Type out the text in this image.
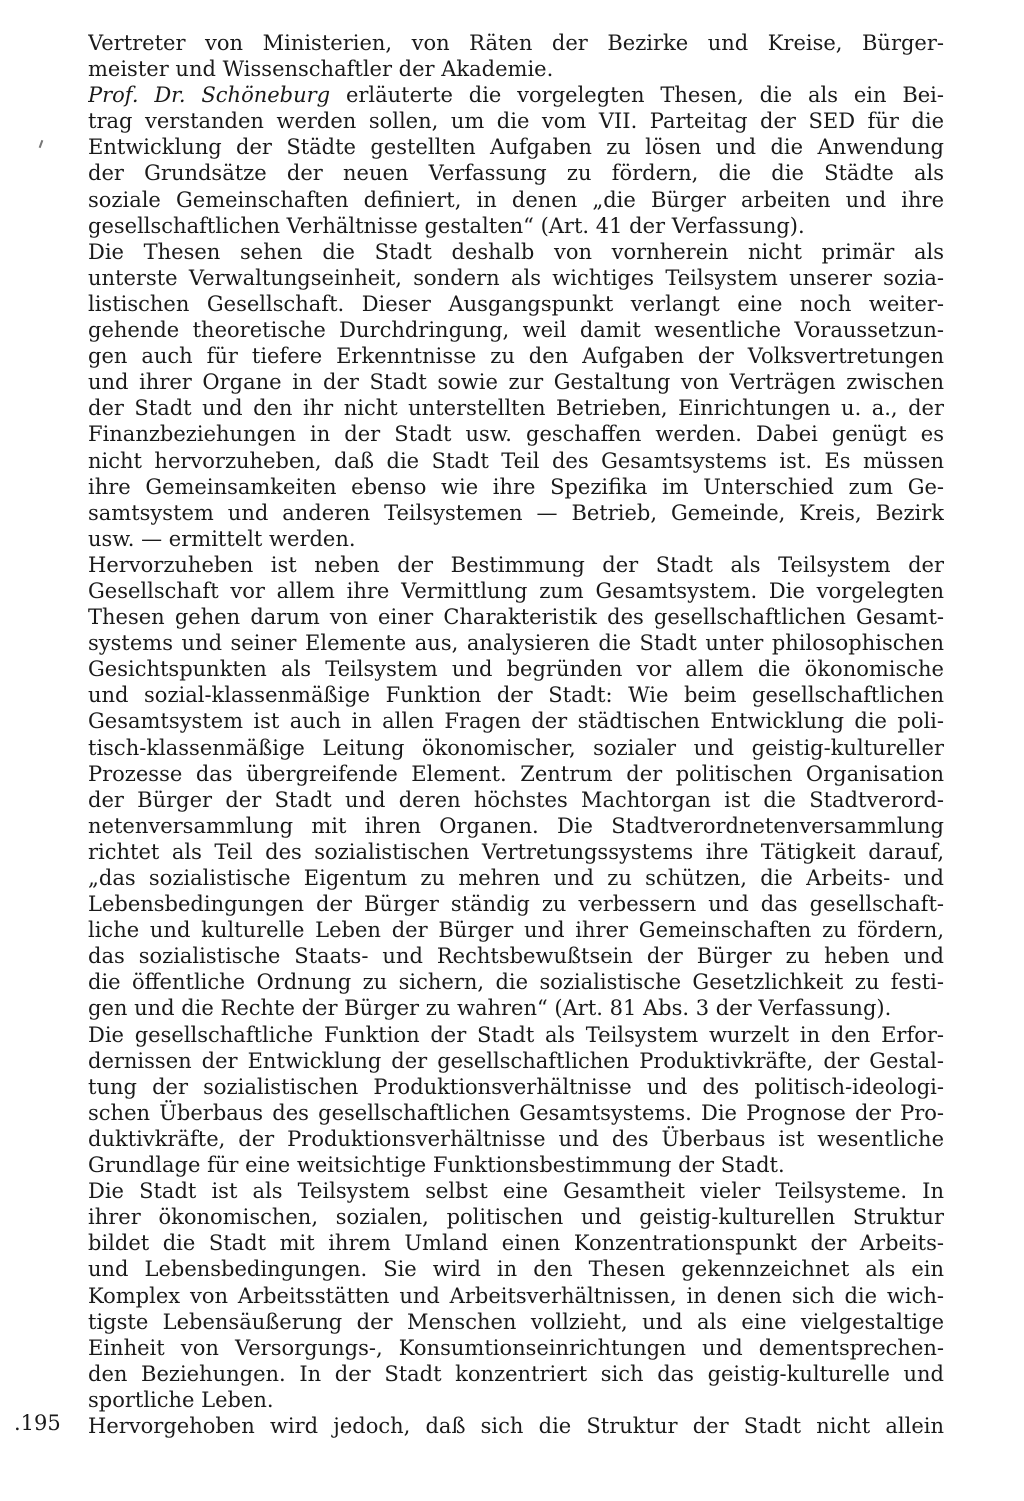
Vertreter von Ministerien, von Räten der Bezirke und Kreise, Bürger-
meister und Wissenschaftler der Akademie.
Prof. Dr. Schöneburg erläuterte die vorgelegten Thesen, die als ein Bei-
trag verstanden werden sollen, um die vom VII. Parteitag der SED für die
Entwicklung der Städte gestellten Aufgaben zu lösen und die Anwendung
der Grundsätze der neuen Verfassung zu fördern, die die Städte als
soziale Gemeinschaften definiert, in denen „die Bürger arbeiten und ihre
gesellschaftlichen Verhältnisse gestalten“ (Art. 41 der Verfassung).
Die Thesen sehen die Stadt deshalb von vornherein nicht primär als
unterste Verwaltungseinheit, sondern als wichtiges Teilsystem unserer sozia-
listischen Gesellschaft. Dieser Ausgangspunkt verlangt eine noch weiter-
gehende theoretische Durchdringung, weil damit wesentliche Voraussetzun-
gen auch für tiefere Erkenntnisse zu den Aufgaben der Volksvertretungen
und ihrer Organe in der Stadt sowie zur Gestaltung von Verträgen zwischen
der Stadt und den ihr nicht unterstellten Betrieben, Einrichtungen u. a., der
Finanzbeziehungen in der Stadt usw. geschaffen werden. Dabei genügt es
nicht hervorzuheben, daß die Stadt Teil des Gesamtsystems ist. Es müssen
ihre Gemeinsamkeiten ebenso wie ihre Spezifika im Unterschied zum Ge-
samtsystem und anderen Teilsystemen — Betrieb, Gemeinde, Kreis, Bezirk
usw. — ermittelt werden.
Hervorzuheben ist neben der Bestimmung der Stadt als Teilsystem der
Gesellschaft vor allem ihre Vermittlung zum Gesamtsystem. Die vorgelegten
Thesen gehen darum von einer Charakteristik des gesellschaftlichen Gesamt-
systems und seiner Elemente aus, analysieren die Stadt unter philosophischen
Gesichtspunkten als Teilsystem und begründen vor allem die ökonomische
und sozial-klassenmäßige Funktion der Stadt: Wie beim gesellschaftlichen
Gesamtsystem ist auch in allen Fragen der städtischen Entwicklung die poli-
tisch-klassenmäßige Leitung ökonomischer, sozialer und geistig-kultureller
Prozesse das übergreifende Element. Zentrum der politischen Organisation
der Bürger der Stadt und deren höchstes Machtorgan ist die Stadtverord-
netenversammlung mit ihren Organen. Die Stadtverordnetenversammlung
richtet als Teil des sozialistischen Vertretungssystems ihre Tätigkeit darauf,
„das sozialistische Eigentum zu mehren und zu schützen, die Arbeits- und
Lebensbedingungen der Bürger ständig zu verbessern und das gesellschaft-
liche und kulturelle Leben der Bürger und ihrer Gemeinschaften zu fördern,
das sozialistische Staats- und Rechtsbewußtsein der Bürger zu heben und
die öffentliche Ordnung zu sichern, die sozialistische Gesetzlichkeit zu festi-
gen und die Rechte der Bürger zu wahren“ (Art. 81 Abs. 3 der Verfassung).
Die gesellschaftliche Funktion der Stadt als Teilsystem wurzelt in den Erfor-
dernissen der Entwicklung der gesellschaftlichen Produktivkräfte, der Gestal-
tung der sozialistischen Produktionsverhältnisse und des politisch-ideologi-
schen Überbaus des gesellschaftlichen Gesamtsystems. Die Prognose der Pro-
duktivkräfte, der Produktionsverhältnisse und des Überbaus ist wesentliche
Grundlage für eine weitsichtige Funktionsbestimmung der Stadt.
Die Stadt ist als Teilsystem selbst eine Gesamtheit vieler Teilsysteme. In
ihrer ökonomischen, sozialen, politischen und geistig-kulturellen Struktur
bildet die Stadt mit ihrem Umland einen Konzentrationspunkt der Arbeits-
und Lebensbedingungen. Sie wird in den Thesen gekennzeichnet als ein
Komplex von Arbeitsstätten und Arbeitsverhältnissen, in denen sich die wich-
tigste Lebensäußerung der Menschen vollzieht, und als eine vielgestaltige
Einheit von Versorgungs-, Konsumtionseinrichtungen und dementsprechen-
den Beziehungen. In der Stadt konzentriert sich das geistig-kulturelle und
sportliche Leben.
Hervorgehoben wird jedoch, daß sich die Struktur der Stadt nicht allein
.195
